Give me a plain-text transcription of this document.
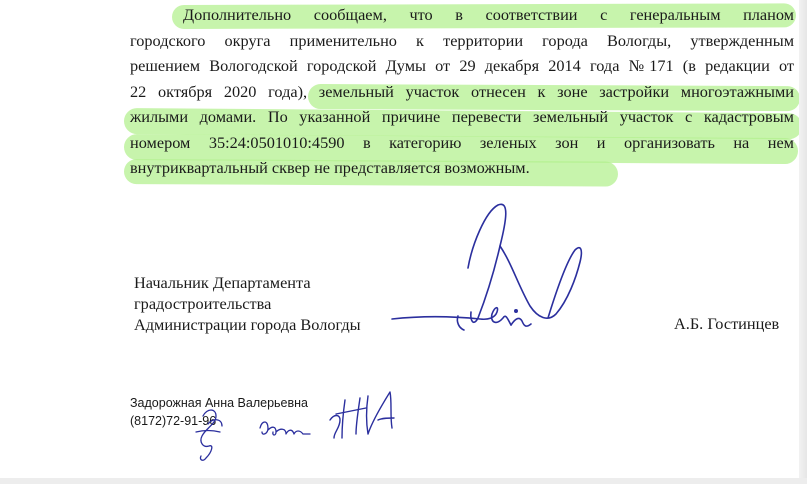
Дополнительно сообщаем, что в соответствии с генеральным планом
городского округа применительно к территории города Вологды, утвержденным
решением Вологодской городской Думы от 29 декабря 2014 года №171 (в редакции от
22 октября 2020 года), земельный участок отнесен к зоне застройки многоэтажными
жилыми домами. По указанной причине перевести земельный участок с кадастровым
номером 35:24:0501010:4590 в категорию зеленых зон и организовать на нем
внутриквартальный сквер не представляется возможным.
Начальник Департамента
градостроительства
Администрации города Вологды	А.Б. Гостинцев
Задорожная Анна Валерьевна
(8172)72-91-96
